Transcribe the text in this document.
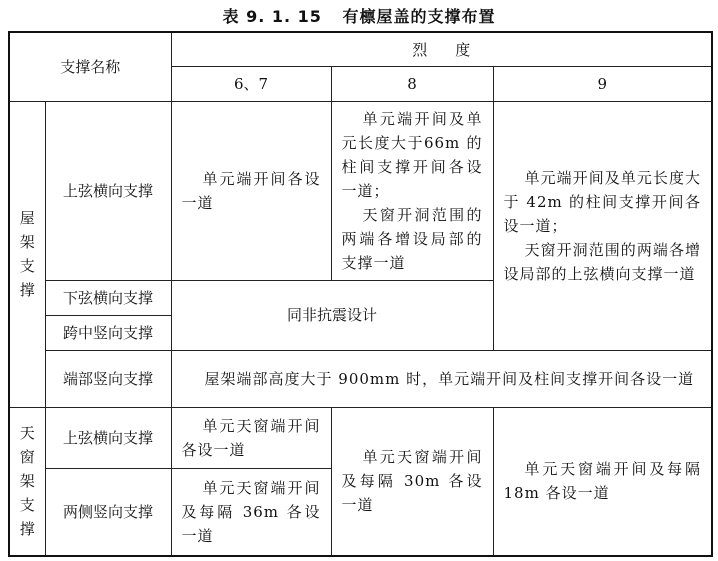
表 9. 1. 15 有檩屋盖的支撑布置
支撑名称		烈度		
		6、7	8	9

屋架支撑	上弦横向支撑	单元端开间各设一道	单元端开间及单元长度大于66m 的柱间支撑开间各设一道；
天窗开洞范围的两端各增设局部的支撑一道	单元端开间及单元长度大于 42m 的柱间支撑开间各设一道；
天窗开洞范围的两端各增设局部的上弦横向支撑一道

	下弦横向支撑	同非抗震设计		
	跨中竖向支撑			
	端部竖向支撑	屋架端部高度大于 900mm 时，单元端开间及柱间支撑开间各设一道		

天窗架支撑	上弦横向支撑	单元天窗端开间各设一道	单元天窗端开间及每隔 30m 各设一道	单元天窗端开间及每隔 18m 各设一道

	两侧竖向支撑	单元天窗端开间及每隔 36m 各设一道		
